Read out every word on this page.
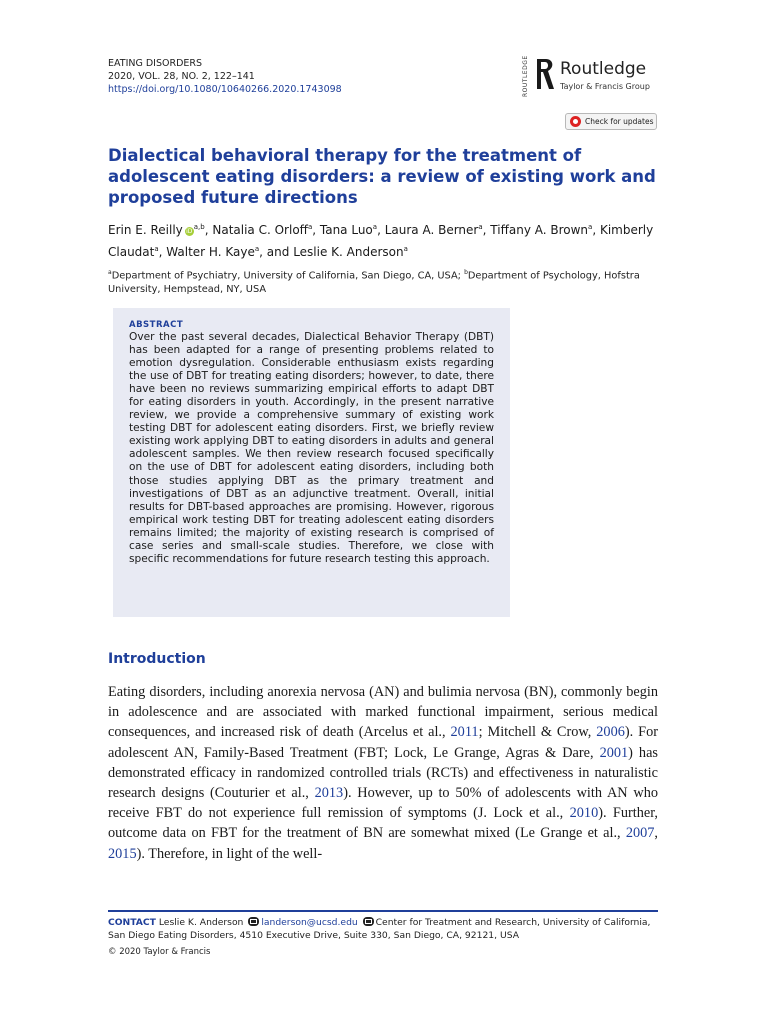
EATING DISORDERS
2020, VOL. 28, NO. 2, 122–141
https://doi.org/10.1080/10640266.2020.1743098	ROUTLEDGE Routledge
Taylor & Francis Group
Check for updates
Dialectical behavioral therapy for the treatment of adolescent eating disorders: a review of existing work and proposed future directions
Erin E. Reilly iD$^{a,b}$, Natalia C. Orloff$^a$, Tana Luo$^a$, Laura A. Berner$^a$, Tiffany A. Brown$^a$, Kimberly Claudat$^a$, Walter H. Kaye$^a$, and Leslie K. Anderson$^a$
$^a$Department of Psychiatry, University of California, San Diego, CA, USA; $^b$Department of Psychology, Hofstra University, Hempstead, NY, USA
ABSTRACT
Over the past several decades, Dialectical Behavior Therapy (DBT) has been adapted for a range of presenting problems related to emotion dysregulation. Considerable enthusiasm exists regarding the use of DBT for treating eating disorders; however, to date, there have been no reviews summarizing empirical efforts to adapt DBT for eating disorders in youth. Accordingly, in the present narrative review, we provide a comprehensive summary of existing work testing DBT for adolescent eating disorders. First, we briefly review existing work applying DBT to eating disorders in adults and general adolescent samples. We then review research focused specifically on the use of DBT for adolescent eating disorders, including both those studies applying DBT as the primary treatment and investigations of DBT as an adjunctive treatment. Overall, initial results for DBT-based approaches are promising. However, rigorous empirical work testing DBT for treating adolescent eating disorders remains limited; the majority of existing research is comprised of case series and small-scale studies. Therefore, we close with specific recommendations for future research testing this approach.
Introduction
Eating disorders, including anorexia nervosa (AN) and bulimia nervosa (BN), commonly begin in adolescence and are associated with marked functional impairment, serious medical consequences, and increased risk of death (Arcelus et al., 2011; Mitchell & Crow, 2006). For adolescent AN, Family-Based Treatment (FBT; Lock, Le Grange, Agras & Dare, 2001) has demonstrated efficacy in randomized controlled trials (RCTs) and effectiveness in naturalistic research designs (Couturier et al., 2013). However, up to 50% of adolescents with AN who receive FBT do not experience full remission of symptoms (J. Lock et al., 2010). Further, outcome data on FBT for the treatment of BN are somewhat mixed (Le Grange et al., 2007, 2015). Therefore, in light of the well-
CONTACT Leslie K. Anderson landerson@ucsd.edu Center for Treatment and Research, University of California, San Diego Eating Disorders, 4510 Executive Drive, Suite 330, San Diego, CA, 92121, USA
© 2020 Taylor & Francis
